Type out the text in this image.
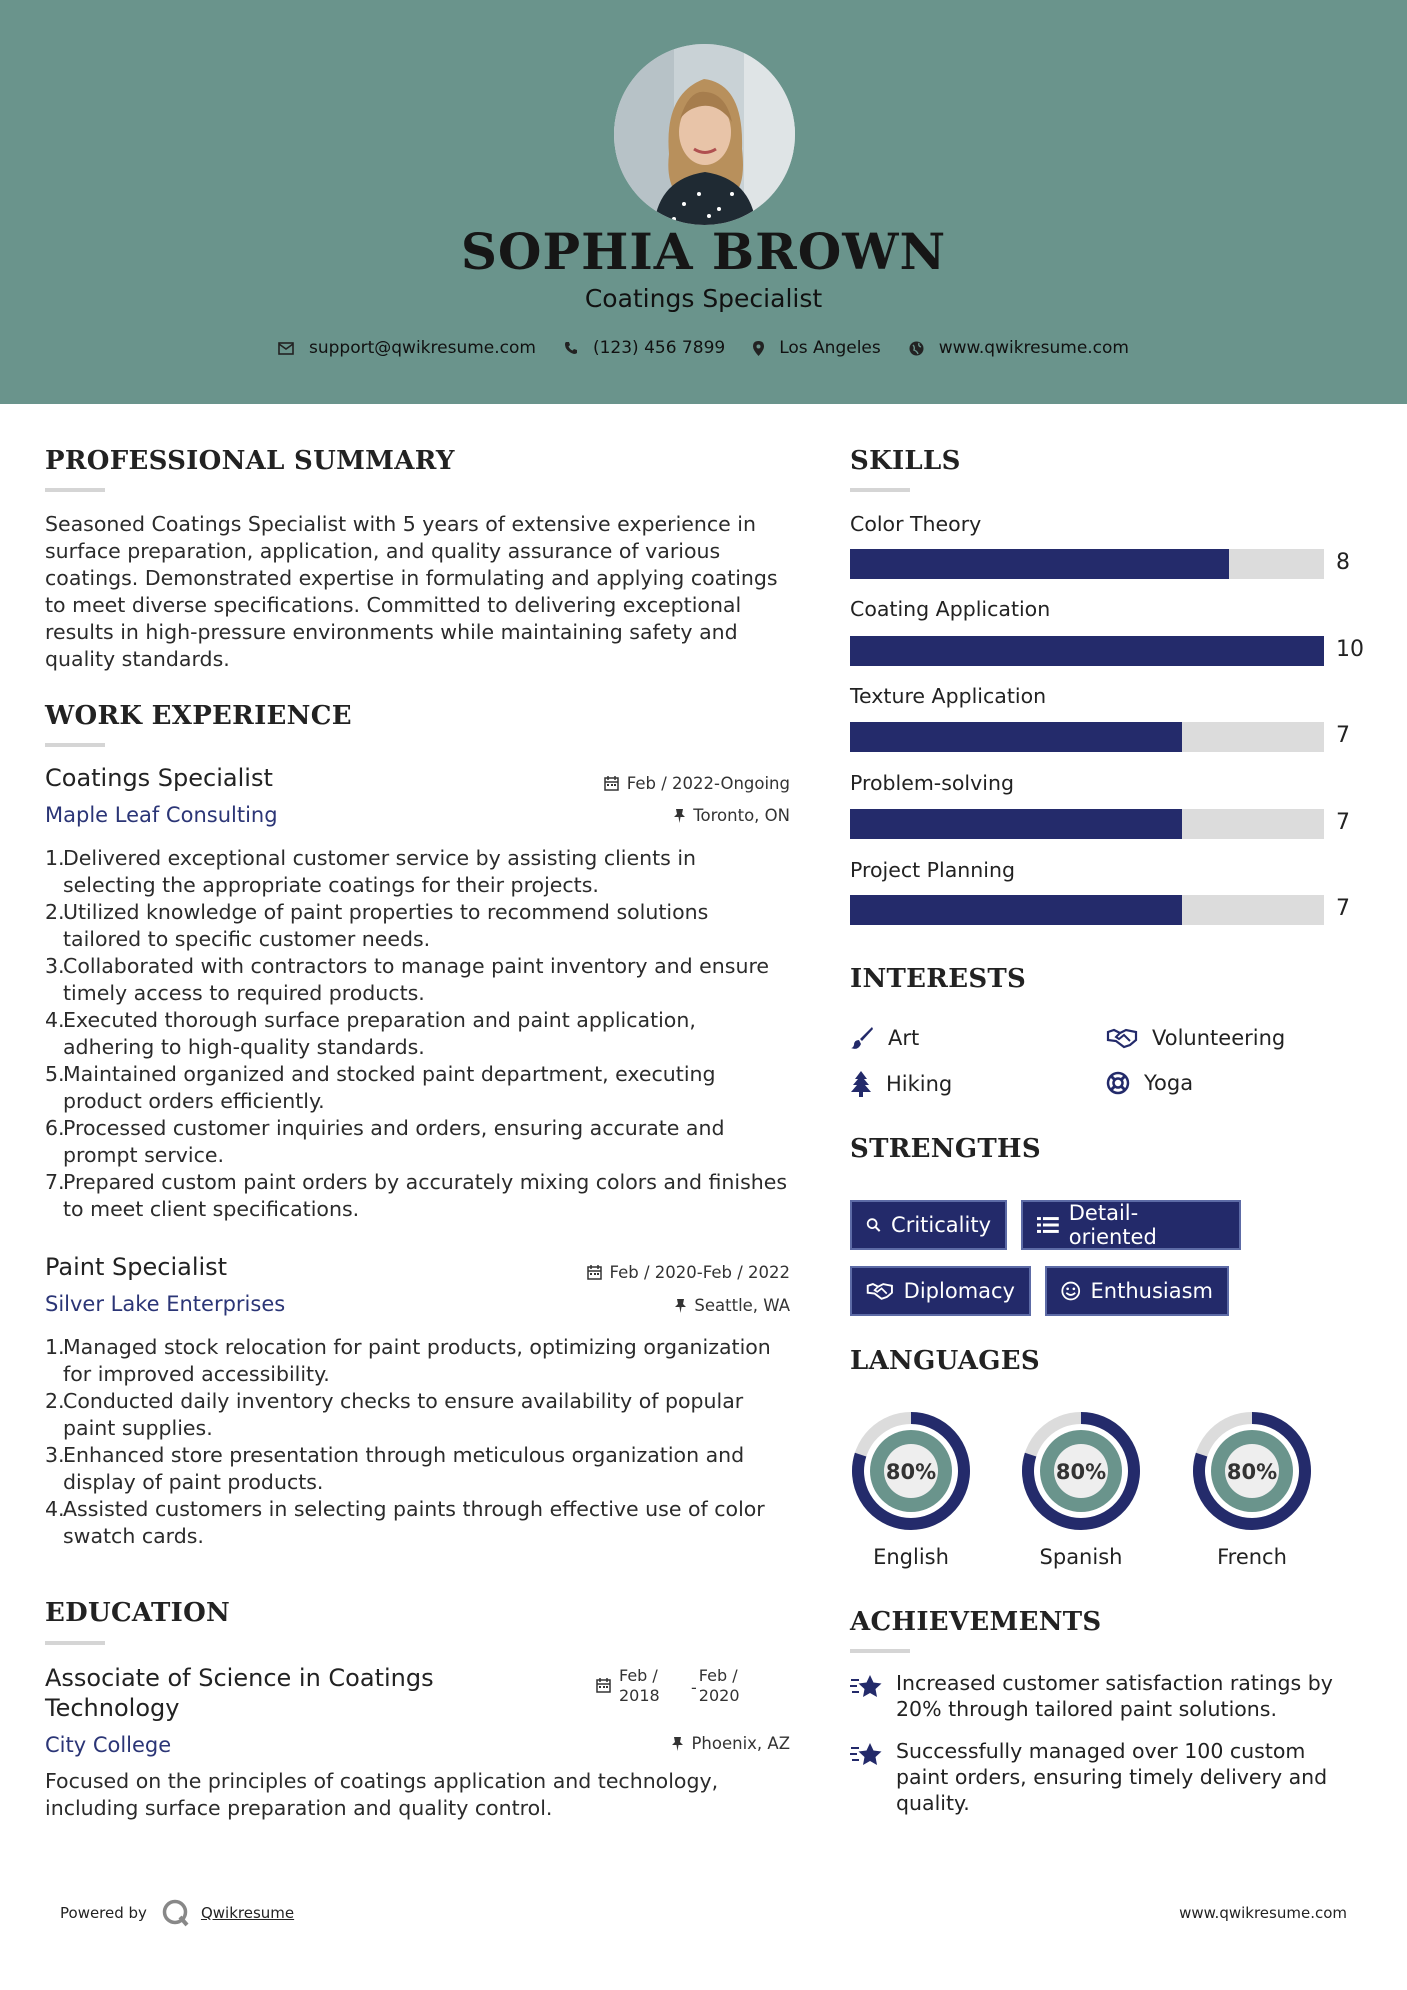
SOPHIA BROWN
Coatings Specialist
support@qwikresume.com	(123) 456 7899	Los Angeles	www.qwikresume.com
PROFESSIONAL SUMMARY
Seasoned Coatings Specialist with 5 years of extensive experience in surface preparation, application, and quality assurance of various coatings. Demonstrated expertise in formulating and applying coatings to meet diverse specifications. Committed to delivering exceptional results in high-pressure environments while maintaining safety and quality standards.
WORK EXPERIENCE
Coatings Specialist	Feb / 2022-Ongoing
Maple Leaf Consulting	Toronto, ON
1.
Delivered exceptional customer service by assisting clients in selecting the appropriate coatings for their projects.
2.
Utilized knowledge of paint properties to recommend solutions tailored to specific customer needs.
3.
Collaborated with contractors to manage paint inventory and ensure timely access to required products.
4.
Executed thorough surface preparation and paint application, adhering to high-quality standards.
5.
Maintained organized and stocked paint department, executing product orders efficiently.
6.
Processed customer inquiries and orders, ensuring accurate and prompt service.
7.
Prepared custom paint orders by accurately mixing colors and finishes to meet client specifications.
Paint Specialist	Feb / 2020-Feb / 2022
Silver Lake Enterprises	Seattle, WA
1.
Managed stock relocation for paint products, optimizing organization for improved accessibility.
2.
Conducted daily inventory checks to ensure availability of popular paint supplies.
3.
Enhanced store presentation through meticulous organization and display of paint products.
4.
Assisted customers in selecting paints through effective use of color swatch cards.
EDUCATION
Associate of Science in Coatings
Technology
Feb /
2018	-
Feb /
2020
City College	Phoenix, AZ
Focused on the principles of coatings application and technology, including surface preparation and quality control.
SKILLS
Color Theory
8
Coating Application
10
Texture Application
7
Problem-solving
7
Project Planning
7
INTERESTS
Art	Volunteering
Hiking	Yoga
STRENGTHS
Criticality	Detail-oriented
Diplomacy	Enthusiasm
LANGUAGES
80%
English
80%
Spanish
80%
French
ACHIEVEMENTS
Increased customer satisfaction ratings by 20% through tailored paint solutions.
Successfully managed over 100 custom paint orders, ensuring timely delivery and quality.
Powered by	Qwikresume	www.qwikresume.com
